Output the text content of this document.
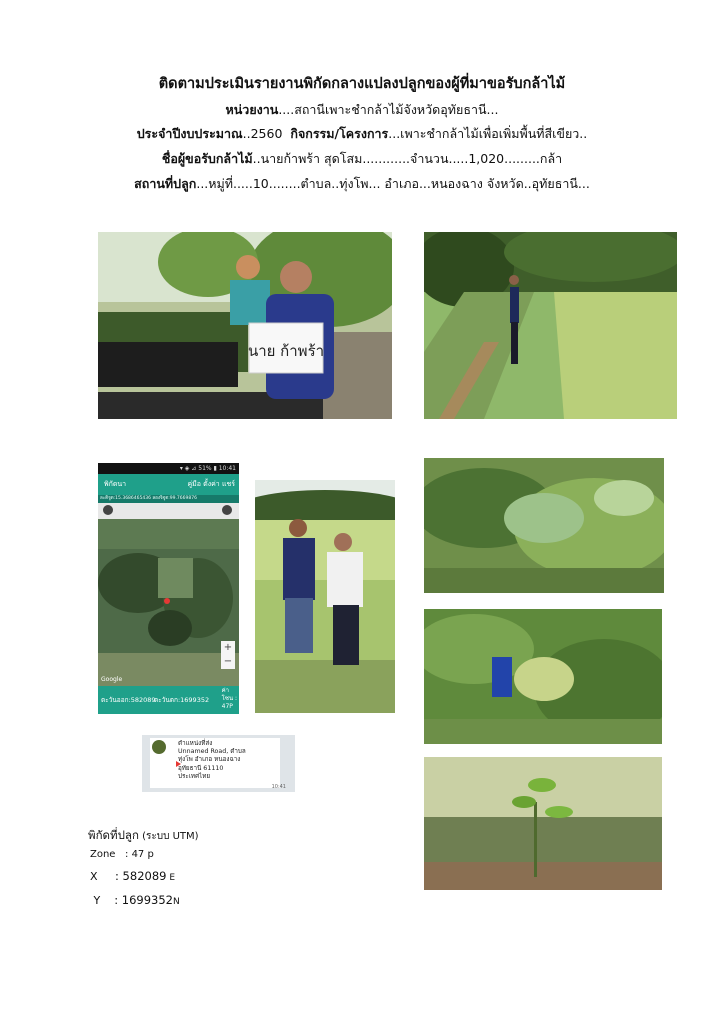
ติดตามประเมินรายงานพิกัดกลางแปลงปลูกของผู้ที่มาขอรับกล้าไม้
หน่วยงาน....สถานีเพาะชำกล้าไม้จังหวัดอุทัยธานี...
ประจำปีงบประมาณ..2560 กิจกรรม/โครงการ...เพาะชำกล้าไม้เพื่อเพิ่มพื้นที่สีเขียว..
ชื่อผู้ขอรับกล้าไม้..นายก้าพร้า สุดโสม............จำนวน.....1,020.........กล้า
สถานที่ปลูก...หมู่ที่.....10........ตำบล..ทุ่งโพ... อำเภอ...หนองฉาง จังหวัด..อุทัยธานี...
นาย ก้าพร้า
▾ ◈ ⊿ 51% ▮ 10:41
พิกัดนา	คู่มือ ตั้งค่า แชร์
ละติจูด:15.3686465436 ลองจิจูด:99.7669876
+
−
Google
ตะวันออก:582089
ตะวันตก:1699352
ค่า
โซน :
47P
ตำแหน่งที่ส่ง
Unnamed Road, ตำบล
ทุ่งโพ อำเภอ หนองฉาง
อุทัยธานี 61110
ประเทศไทย
10:41
พิกัดที่ปลูก (ระบบ UTM)
Zone : 47 p
X : 582089 E
Y : 1699352N
